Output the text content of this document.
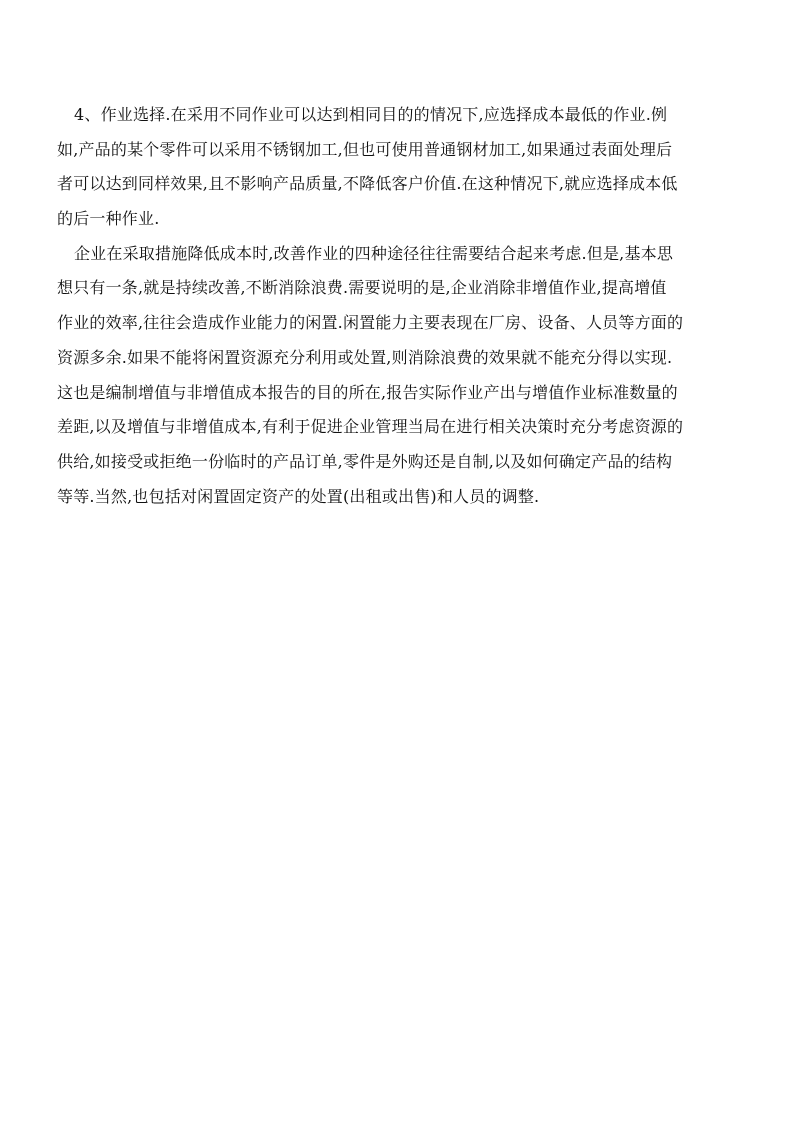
4、作业选择.在采用不同作业可以达到相同目的的情况下,应选择成本最低的作业.例
如,产品的某个零件可以采用不锈钢加工,但也可使用普通钢材加工,如果通过表面处理后
者可以达到同样效果,且不影响产品质量,不降低客户价值.在这种情况下,就应选择成本低
的后一种作业.

企业在采取措施降低成本时,改善作业的四种途径往往需要结合起来考虑.但是,基本思
想只有一条,就是持续改善,不断消除浪费.需要说明的是,企业消除非增值作业,提高增值
作业的效率,往往会造成作业能力的闲置.闲置能力主要表现在厂房、设备、人员等方面的
资源多余.如果不能将闲置资源充分利用或处置,则消除浪费的效果就不能充分得以实现.
这也是编制增值与非增值成本报告的目的所在,报告实际作业产出与增值作业标准数量的
差距,以及增值与非增值成本,有利于促进企业管理当局在进行相关决策时充分考虑资源的
供给,如接受或拒绝一份临时的产品订单,零件是外购还是自制,以及如何确定产品的结构
等等.当然,也包括对闲置固定资产的处置(出租或出售)和人员的调整.
